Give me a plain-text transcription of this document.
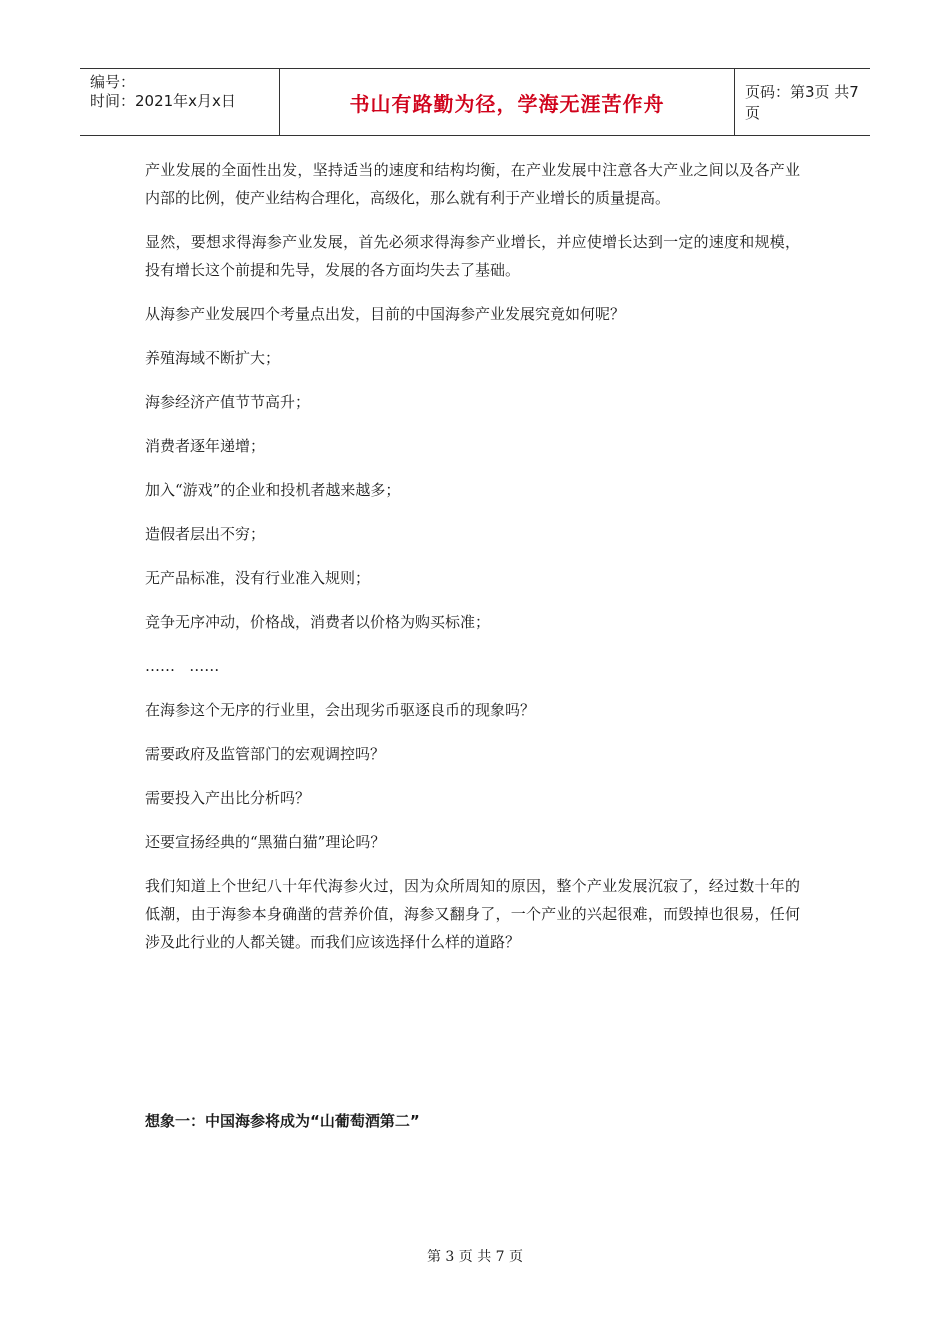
编号：
时间：2021年x月x日	书山有路勤为径，学海无涯苦作舟	页码：第3页 共7页

产业发展的全面性出发，坚持适当的速度和结构均衡，在产业发展中注意各大产业之间以及各产业内部的比例，使产业结构合理化，高级化，那么就有利于产业增长的质量提高。

显然，要想求得海参产业发展，首先必须求得海参产业增长，并应使增长达到一定的速度和规模，投有增长这个前提和先导，发展的各方面均失去了基础。

从海参产业发展四个考量点出发，目前的中国海参产业发展究竟如何呢？

养殖海域不断扩大；

海参经济产值节节高升；

消费者逐年递增；

加入“游戏”的企业和投机者越来越多；

造假者层出不穷；

无产品标准，没有行业准入规则；

竞争无序冲动，价格战，消费者以价格为购买标准；

……   ……

在海参这个无序的行业里，会出现劣币驱逐良币的现象吗？

需要政府及监管部门的宏观调控吗？

需要投入产出比分析吗？

还要宣扬经典的“黑猫白猫”理论吗？

我们知道上个世纪八十年代海参火过，因为众所周知的原因，整个产业发展沉寂了，经过数十年的低潮，由于海参本身确凿的营养价值，海参又翻身了，一个产业的兴起很难，而毁掉也很易，任何涉及此行业的人都关键。而我们应该选择什么样的道路？

想象一：中国海参将成为“山葡萄酒第二”
第 3 页 共 7 页
